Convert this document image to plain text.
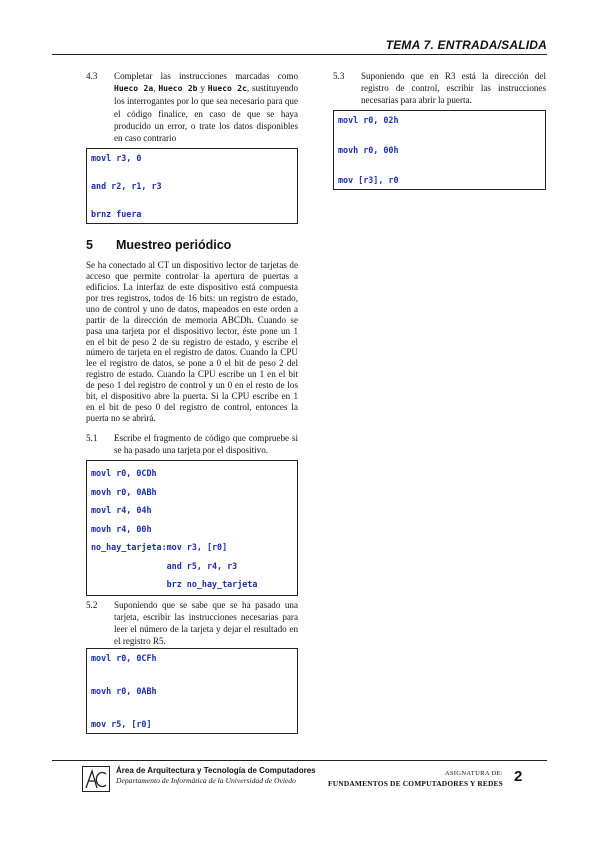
TEMA 7. ENTRADA/SALIDA
4.3	Completar las instrucciones marcadas como Hueco 2a, Hueco 2b y Hueco 2c, sustituyendo los interrogantes por lo que sea necesario para que el código finalice, en caso de que se haya producido un error, o trate los datos disponibles en caso contrario
movl r3, 0
and r2, r1, r3
brnz fuera
5	Muestreo periódico
Se ha conectado al CT un dispositivo lector de tarjetas de acceso que permite controlar la apertura de puertas a edificios. La interfaz de este dispositivo está compuesta por tres registros, todos de 16 bits: un registro de estado, uno de control y uno de datos, mapeados en este orden a partir de la dirección de memoria ABCDh. Cuando se pasa una tarjeta por el dispositivo lector, éste pone un 1 en el bit de peso 2 de su registro de estado, y escribe el número de tarjeta en el registro de datos. Cuando la CPU lee el registro de datos, se pone a 0 el bit de peso 2 del registro de estado. Cuando la CPU escribe un 1 en el bit de peso 1 del registro de control y un 0 en el resto de los bit, el dispositivo abre la puerta. Si la CPU escribe en 1 en el bit de peso 0 del registro de control, entonces la puerta no se abrirá.
5.1	Escribe el fragmento de código que compruebe si se ha pasado una tarjeta por el dispositivo.
movl r0, 0CDh
movh r0, 0ABh
movl r4, 04h
movh r4, 00h
no_hay_tarjeta:mov r3, [r0]
and r5, r4, r3
brz no_hay_tarjeta
5.2	Suponiendo que se sabe que se ha pasado una tarjeta, escribir las instrucciones necesarias para leer el número de la tarjeta y dejar el resultado en el registro R5.
movl r0, 0CFh
movh r0, 0ABh
mov r5, [r0]
5.3	Suponiendo que en R3 está la dirección del registro de control, escribir las instrucciones necesarias para abrir la puerta.
movl r0, 02h
movh r0, 00h
mov [r3], r0
Área de Arquitectura y Tecnología de Computadores
Departamento de Informática de la Universidad de Oviedo
ASIGNATURA DE:
FUNDAMENTOS DE COMPUTADORES Y REDES 2
